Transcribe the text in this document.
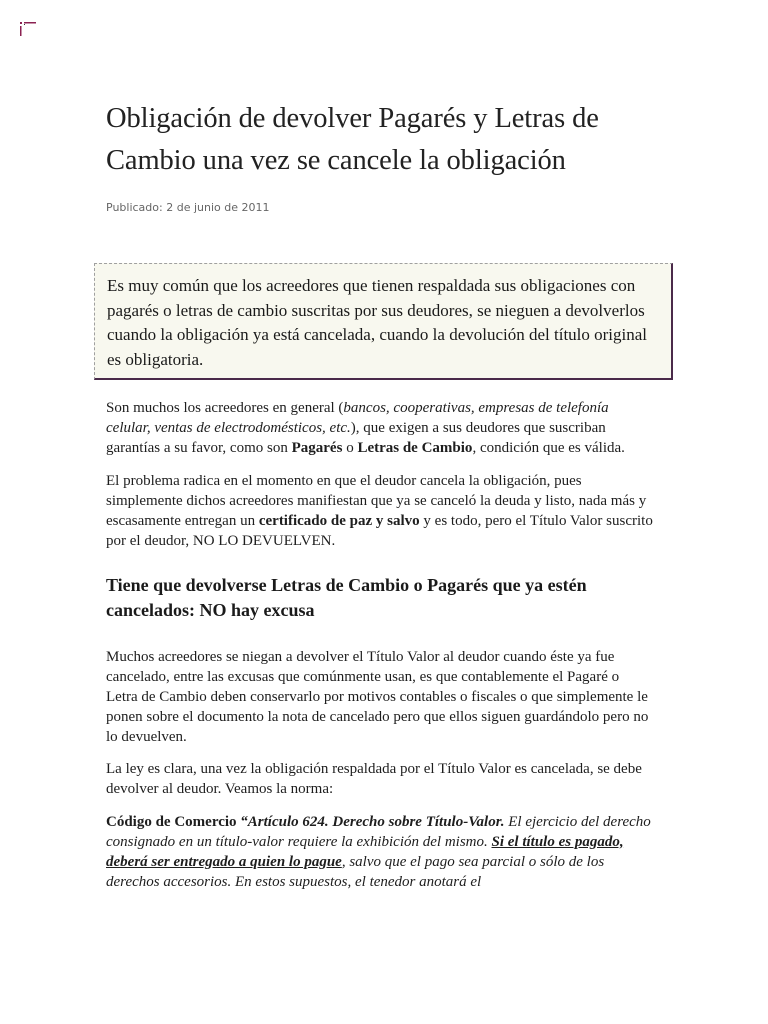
Obligación de devolver Pagarés y Letras de Cambio una vez se cancele la obligación
Publicado: 2 de junio de 2011
Es muy común que los acreedores que tienen respaldada sus obligaciones con pagarés o letras de cambio suscritas por sus deudores, se nieguen a devolverlos cuando la obligación ya está cancelada, cuando la devolución del título original es obligatoria.

Son muchos los acreedores en general (bancos, cooperativas, empresas de telefonía celular, ventas de electrodomésticos, etc.), que exigen a sus deudores que suscriban garantías a su favor, como son Pagarés o Letras de Cambio, condición que es válida.

El problema radica en el momento en que el deudor cancela la obligación, pues simplemente dichos acreedores manifiestan que ya se canceló la deuda y listo, nada más y escasamente entregan un certificado de paz y salvo y es todo, pero el Título Valor suscrito por el deudor, NO LO DEVUELVEN.

Tiene que devolverse Letras de Cambio o Pagarés que ya estén cancelados: NO hay excusa

Muchos acreedores se niegan a devolver el Título Valor al deudor cuando éste ya fue cancelado, entre las excusas que comúnmente usan, es que contablemente el Pagaré o Letra de Cambio deben conservarlo por motivos contables o fiscales o que simplemente le ponen sobre el documento la nota de cancelado pero que ellos siguen guardándolo pero no lo devuelven.

La ley es clara, una vez la obligación respaldada por el Título Valor es cancelada, se debe devolver al deudor. Veamos la norma:

Código de Comercio “Artículo 624. Derecho sobre Título-Valor. El ejercicio del derecho consignado en un título-valor requiere la exhibición del mismo. Si el título es pagado, deberá ser entregado a quien lo pague, salvo que el pago sea parcial o sólo de los derechos accesorios. En estos supuestos, el tenedor anotará el
